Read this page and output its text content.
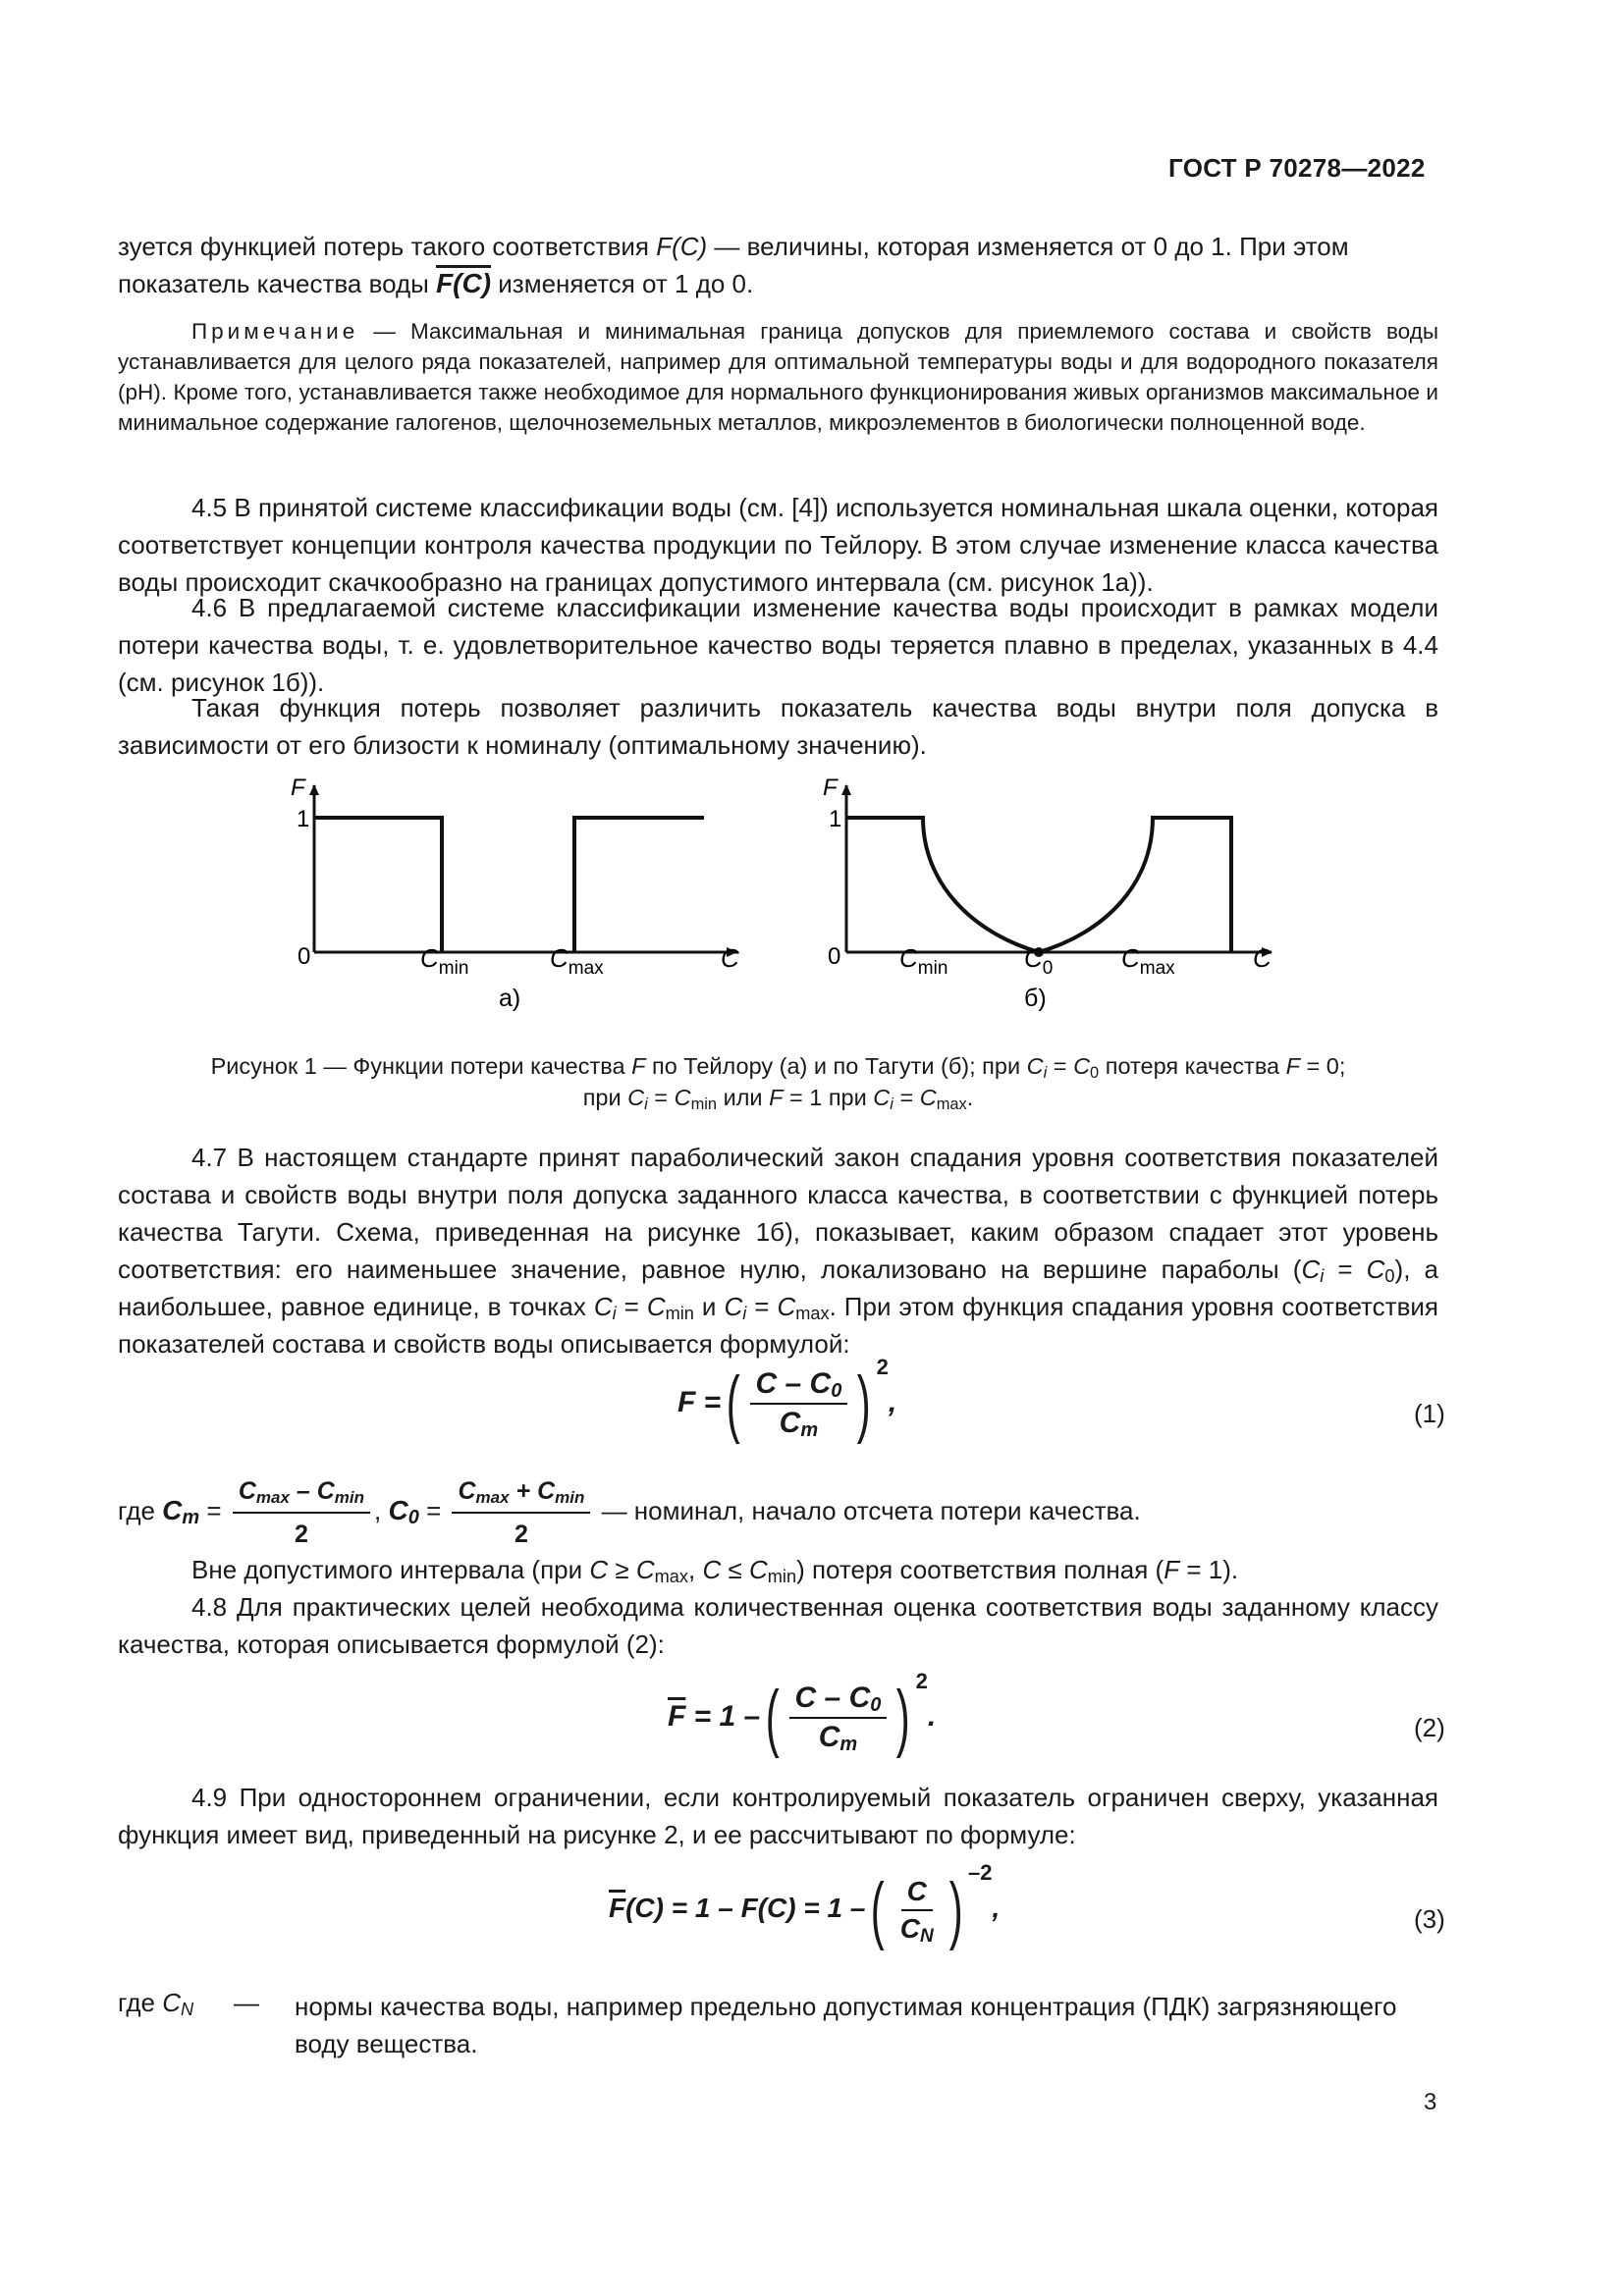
ГОСТ Р 70278—2022
зуется функцией потерь такого соответствия F(C) — величины, которая изменяется от 0 до 1. При этом
показатель качества воды F(C) изменяется от 1 до 0.
Примечание — Максимальная и минимальная граница допусков для приемлемого состава и свойств воды устанавливается для целого ряда показателей, например для оптимальной температуры воды и для водородного показателя (pH). Кроме того, устанавливается также необходимое для нормального функционирования живых организмов максимальное и минимальное содержание галогенов, щелочноземельных металлов, микроэлементов в биологически полноценной воде.
4.5 В принятой системе классификации воды (см. [4]) используется номинальная шкала оценки, которая соответствует концепции контроля качества продукции по Тейлору. В этом случае изменение класса качества воды происходит скачкообразно на границах допустимого интервала (см. рисунок 1а)).
4.6 В предлагаемой системе классификации изменение качества воды происходит в рамках модели потери качества воды, т. е. удовлетворительное качество воды теряется плавно в пределах, указанных в 4.4 (см. рисунок 1б)).
Такая функция потерь позволяет различить показатель качества воды внутри поля допуска в зависимости от его близости к номиналу (оптимальному значению).
F
1
0	$C_{min}$	$C_{max}$	C
а)
F
1
0 $C_{min}$	$C_0$	$C_{max}$	C
б)
Рисунок 1 — Функции потери качества F по Тейлору (а) и по Тагути (б); при $C_i = C_0$ потеря качества F = 0;
при $C_i = C_{min}$ или F = 1 при $C_i = C_{max}$.
4.7 В настоящем стандарте принят параболический закон спадания уровня соответствия показателей состава и свойств воды внутри поля допуска заданного класса качества, в соответствии с функцией потерь качества Тагути. Схема, приведенная на рисунке 1б), показывает, каким образом спадает этот уровень соответствия: его наименьшее значение, равное нулю, локализовано на вершине параболы $(C_i = C_0)$, а наибольшее, равное единице, в точках $C_i = C_{min}$ и $C_i = C_{max}$. При этом функция спадания уровня соответствия показателей состава и свойств воды описывается формулой:
F =( $\frac{C - C_0}{C_m}$ ) $^2$,	(1)
где $C_m = \frac{C_{max} - C_{min}}{2}$ , $C_0 = \frac{C_{max} + C_{min}}{2}$ — номинал, начало отсчета потери качества.
Вне допустимого интервала (при $C \ge C_{max}$, $C \le C_{min}$) потеря соответствия полная (F = 1).
4.8 Для практических целей необходима количественная оценка соответствия воды заданному классу качества, которая описывается формулой (2):
$\overline{F} = 1$ –( $\frac{C - C_0}{C_m}$ ) $^2$.	(2)
4.9 При одностороннем ограничении, если контролируемый показатель ограничен сверху, указанная функция имеет вид, приведенный на рисунке 2, и ее рассчитывают по формуле:
$\overline{F}(C) = 1 - F(C) = 1$ –( $\frac{C}{C_N}$ ) $^{-2}$,	(3)
где $C_N$ — нормы качества воды, например предельно допустимая концентрация (ПДК) загрязняющего воду вещества.
3
